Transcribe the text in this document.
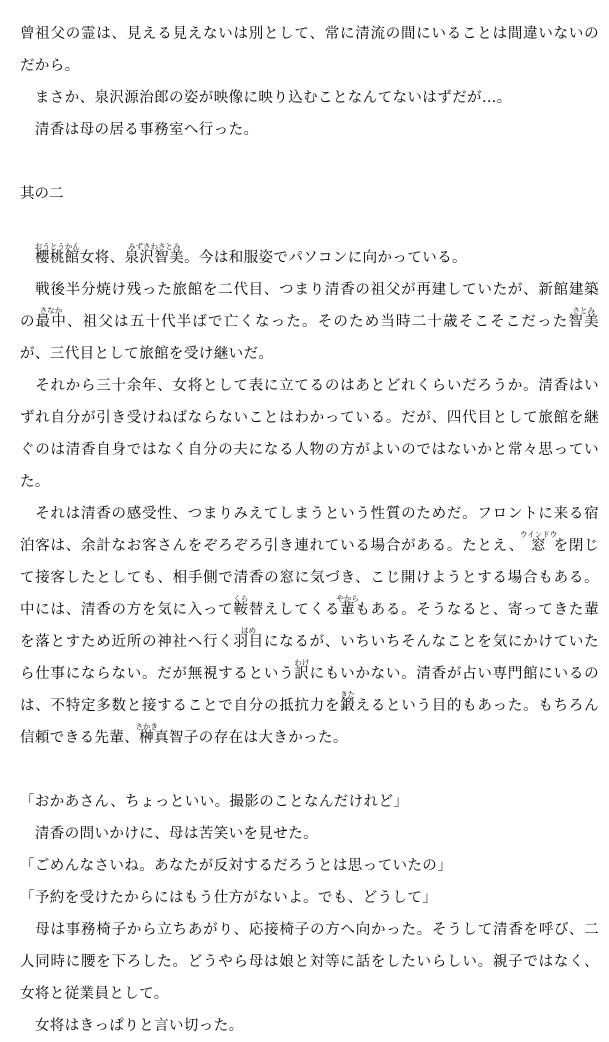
曾祖父の霊は、見える見えないは別として、常に清流の間にいることは間違いないのだから。

　まさか、泉沢源治郎の姿が映像に映り込むことなんてないはずだが…。

　清香は母の居る事務室へ行った。

其の二

　櫻桃館おうとうかん女将、泉沢智美みずさわさとみ。今は和服姿でパソコンに向かっている。

　戦後半分焼け残った旅館を二代目、つまり清香の祖父が再建していたが、新館建築の最中さなか、祖父は五十代半ばで亡くなった。そのため当時二十歳そこそこだった智美さとみが、三代目として旅館を受け継いだ。

　それから三十余年、女将として表に立てるのはあとどれくらいだろうか。清香はいずれ自分が引き受けねばならないことはわかっている。だが、四代目として旅館を継ぐのは清香自身ではなく自分の夫になる人物の方がよいのではないかと常々思っていた。

　それは清香の感受性、つまりみえてしまうという性質のためだ。フロントに来る宿泊客は、余計なお客さんをぞろぞろ引き連れている場合がある。たとえ、窓ウインドウを閉じて接客したとしても、相手側で清香の窓に気づき、こじ開けようとする場合もある。中には、清香の方を気に入って鞍くら替えしてくる輩やからもある。そうなると、寄ってきた輩を落とすため近所の神社へ行く羽目はめになるが、いちいちそんなことを気にかけていたら仕事にならない。だが無視するという訳わけにもいかない。清香が占い専門館にいるのは、不特定多数と接することで自分の抵抗力を鍛きたえるという目的もあった。もちろん信頼できる先輩、榊さかき真智子の存在は大きかった。

「おかあさん、ちょっといい。撮影のことなんだけれど」

　清香の問いかけに、母は苦笑いを見せた。

「ごめんなさいね。あなたが反対するだろうとは思っていたの」

「予約を受けたからにはもう仕方がないよ。でも、どうして」

　母は事務椅子から立ちあがり、応接椅子の方へ向かった。そうして清香を呼び、二人同時に腰を下ろした。どうやら母は娘と対等に話をしたいらしい。親子ではなく、女将と従業員として。

　女将はきっぱりと言い切った。
